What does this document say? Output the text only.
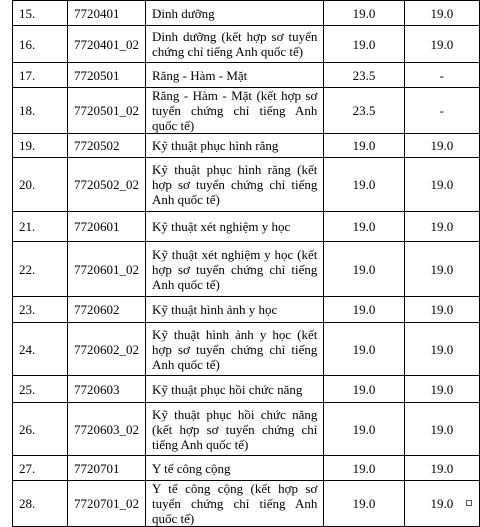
15.	7720401	Dinh dưỡng	19.0	19.0
16.	7720401_02	Dinh dưỡng (kết hợp sơ tuyển chứng chỉ tiếng Anh quốc tế)	19.0	19.0
17.	7720501	Răng - Hàm - Mặt	23.5	-
18.	7720501_02	Răng - Hàm - Mặt (kết hợp sơ tuyển chứng chỉ tiếng Anh quốc tế)	23.5	-
19.	7720502	Kỹ thuật phục hình răng	19.0	19.0
20.	7720502_02	Kỹ thuật phục hình răng (kết hợp sơ tuyển chứng chỉ tiếng Anh quốc tế)	19.0	19.0
21.	7720601	Kỹ thuật xét nghiệm y học	19.0	19.0
22.	7720601_02	Kỹ thuật xét nghiệm y học (kết hợp sơ tuyển chứng chỉ tiếng Anh quốc tế)	19.0	19.0
23.	7720602	Kỹ thuật hình ảnh y học	19.0	19.0
24.	7720602_02	Kỹ thuật hình ảnh y học (kết hợp sơ tuyển chứng chỉ tiếng Anh quốc tế)	19.0	19.0
25.	7720603	Kỹ thuật phục hồi chức năng	19.0	19.0
26.	7720603_02	Kỹ thuật phục hồi chức năng (kết hợp sơ tuyển chứng chỉ tiếng Anh quốc tế)	19.0	19.0
27.	7720701	Y tế công cộng	19.0	19.0
28.	7720701_02	Y tế công cộng (kết hợp sơ tuyển chứng chỉ tiếng Anh quốc tế)	19.0	19.0
